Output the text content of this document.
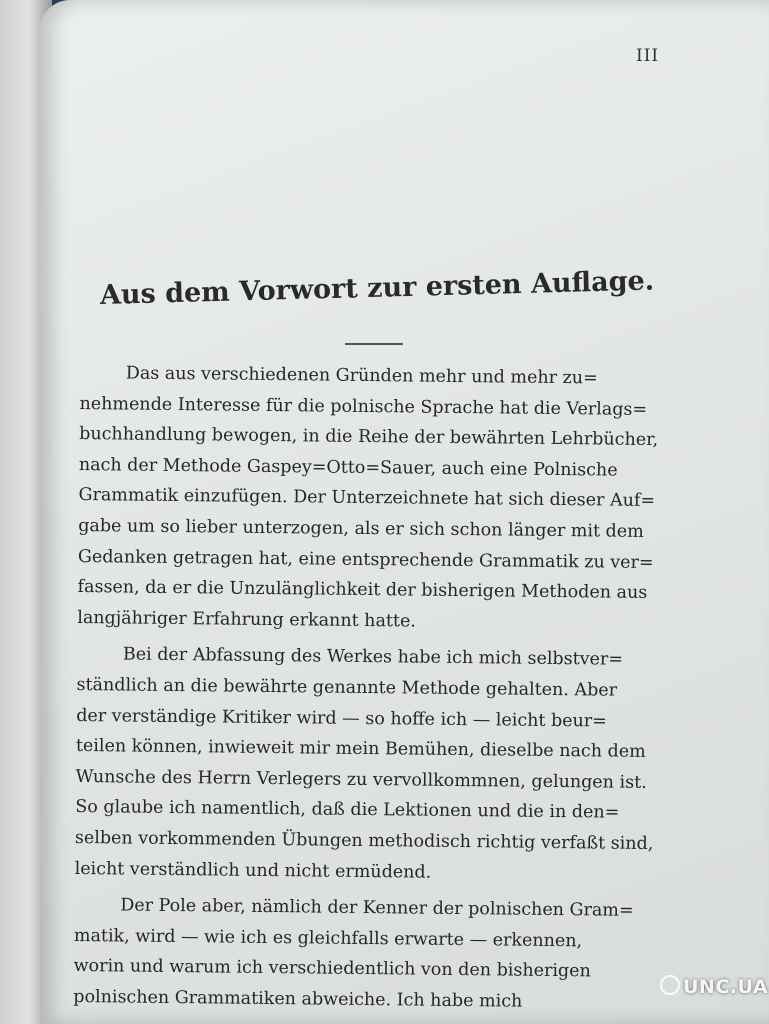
III
Aus dem Vorwort zur ersten Auflage.
Das aus verschiedenen Gründen mehr und mehr zu=
nehmende Interesse für die polnische Sprache hat die Verlags=
buchhandlung bewogen, in die Reihe der bewährten Lehrbücher,
nach der Methode Gaspey=Otto=Sauer, auch eine Polnische
Grammatik einzufügen. Der Unterzeichnete hat sich dieser Auf=
gabe um so lieber unterzogen, als er sich schon länger mit dem
Gedanken getragen hat, eine entsprechende Grammatik zu ver=
fassen, da er die Unzulänglichkeit der bisherigen Methoden aus
langjähriger Erfahrung erkannt hatte.
Bei der Abfassung des Werkes habe ich mich selbstver=
ständlich an die bewährte genannte Methode gehalten. Aber
der verständige Kritiker wird — so hoffe ich — leicht beur=
teilen können, inwieweit mir mein Bemühen, dieselbe nach dem
Wunsche des Herrn Verlegers zu vervollkommnen, gelungen ist.
So glaube ich namentlich, daß die Lektionen und die in den=
selben vorkommenden Übungen methodisch richtig verfaßt sind,
leicht verständlich und nicht ermüdend.
Der Pole aber, nämlich der Kenner der polnischen Gram=
matik, wird — wie ich es gleichfalls erwarte — erkennen,
worin und warum ich verschiedentlich von den bisherigen
polnischen Grammatiken abweiche. Ich habe mich	UNC.UA
